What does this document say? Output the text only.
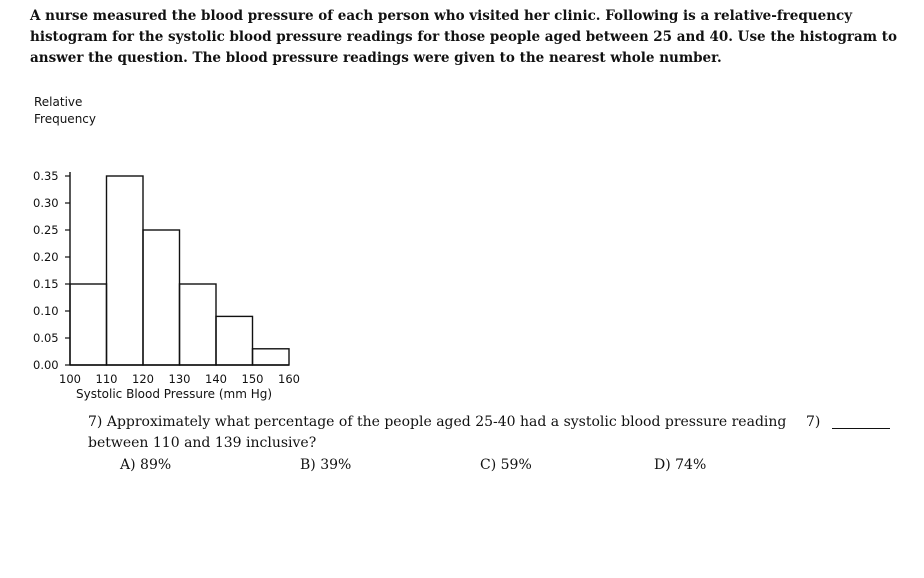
A nurse measured the blood pressure of each person who visited her clinic. Following is a relative-frequency histogram for the systolic blood pressure readings for those people aged between 25 and 40. Use the histogram to answer the question. The blood pressure readings were given to the nearest whole number.

Relative
Frequency
0.00
0.05
0.10
0.15
0.20
0.25
0.30
0.35
100 110 120 130 140 150 160
Systolic Blood Pressure (mm Hg)
7) Approximately what percentage of the people aged 25-40 had a systolic blood pressure reading between 110 and 139 inclusive?
7)
A) 89%	B) 39%	C) 59%	D) 74%
